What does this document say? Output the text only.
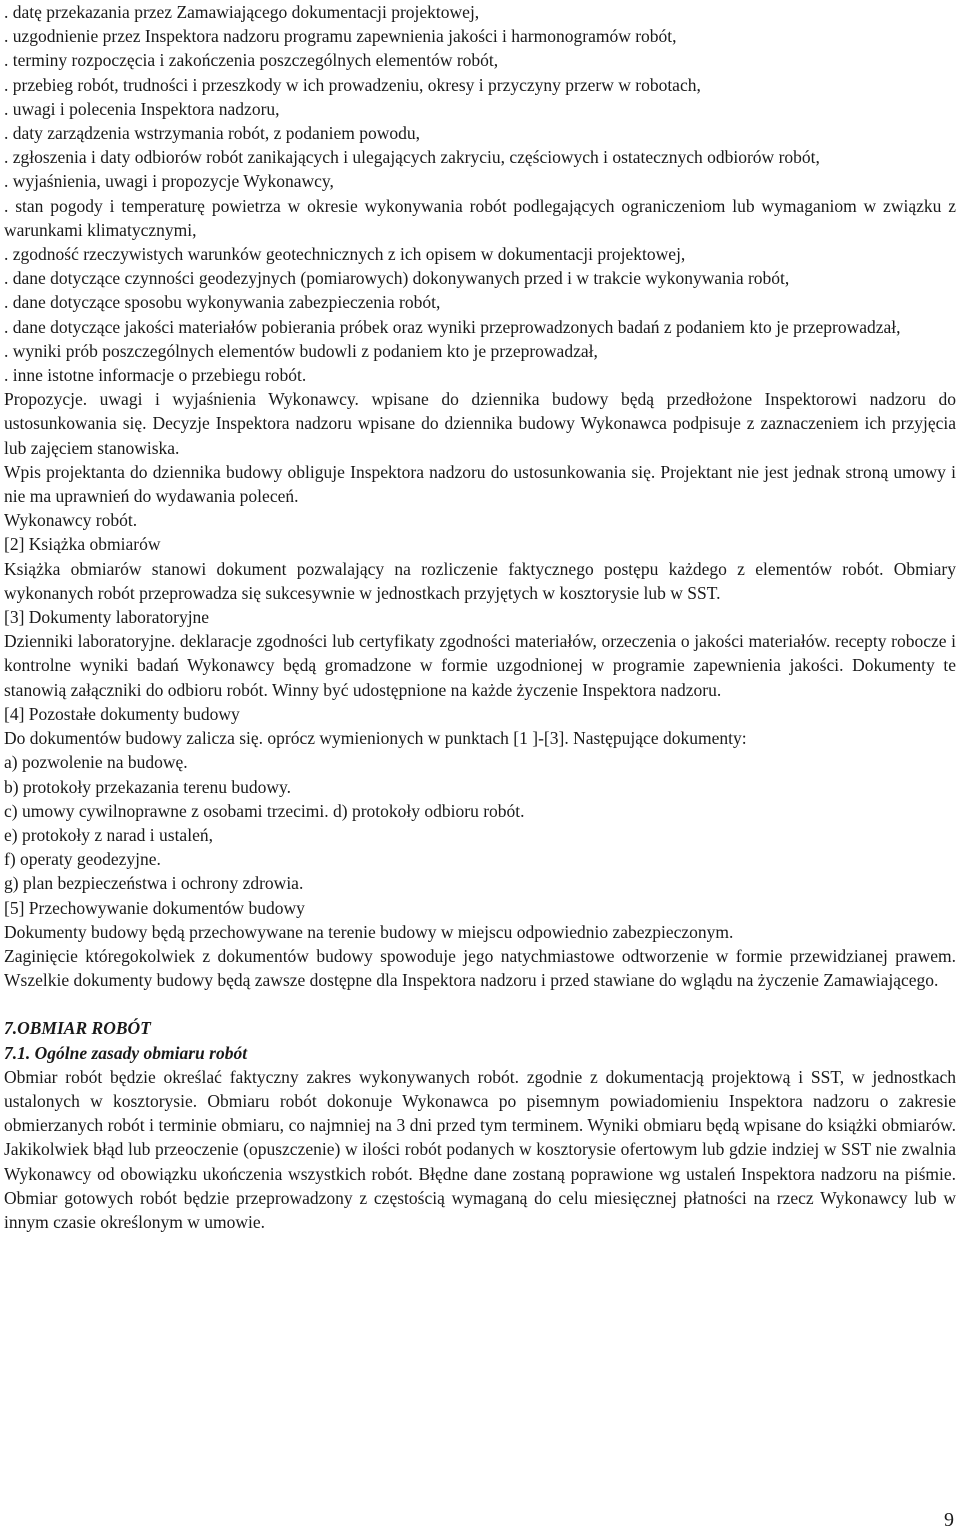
. datę przekazania przez Zamawiającego dokumentacji projektowej,

. uzgodnienie przez Inspektora nadzoru programu zapewnienia jakości i harmonogramów robót,

. terminy rozpoczęcia i zakończenia poszczególnych elementów robót,

. przebieg robót, trudności i przeszkody w ich prowadzeniu, okresy i przyczyny przerw w robotach,

. uwagi i polecenia Inspektora nadzoru,

. daty zarządzenia wstrzymania robót, z podaniem powodu,

. zgłoszenia i daty odbiorów robót zanikających i ulegających zakryciu, częściowych i ostatecznych odbiorów robót,

. wyjaśnienia, uwagi i propozycje Wykonawcy,

. stan pogody i temperaturę powietrza w okresie wykonywania robót podlegających ograniczeniom lub wymaganiom w związku z warunkami klimatycznymi,

. zgodność rzeczywistych warunków geotechnicznych z ich opisem w dokumentacji projektowej,

. dane dotyczące czynności geodezyjnych (pomiarowych) dokonywanych przed i w trakcie wykonywania robót,

. dane dotyczące sposobu wykonywania zabezpieczenia robót,

. dane dotyczące jakości materiałów pobierania próbek oraz wyniki przeprowadzonych badań z podaniem kto je przeprowadzał,

. wyniki prób poszczególnych elementów budowli z podaniem kto je przeprowadzał,

. inne istotne informacje o przebiegu robót.

Propozycje. uwagi i wyjaśnienia Wykonawcy. wpisane do dziennika budowy będą przedłożone Inspektorowi nadzoru do ustosunkowania się. Decyzje Inspektora nadzoru wpisane do dziennika budowy Wykonawca podpisuje z zaznaczeniem ich przyjęcia lub zajęciem stanowiska.

Wpis projektanta do dziennika budowy obliguje Inspektora nadzoru do ustosunkowania się. Projektant nie jest jednak stroną umowy i nie ma uprawnień do wydawania poleceń.

Wykonawcy robót.

[2] Książka obmiarów

Książka obmiarów stanowi dokument pozwalający na rozliczenie faktycznego postępu każdego z elementów robót. Obmiary wykonanych robót przeprowadza się sukcesywnie w jednostkach przyjętych w kosztorysie lub w SST.

[3] Dokumenty laboratoryjne

Dzienniki laboratoryjne. deklaracje zgodności lub certyfikaty zgodności materiałów, orzeczenia o jakości materiałów. recepty robocze i kontrolne wyniki badań Wykonawcy będą gromadzone w formie uzgodnionej w programie zapewnienia jakości. Dokumenty te stanowią załączniki do odbioru robót. Winny być udostępnione na każde życzenie Inspektora nadzoru.

[4] Pozostałe dokumenty budowy

Do dokumentów budowy zalicza się. oprócz wymienionych w punktach [1 ]-[3]. Następujące dokumenty:

a) pozwolenie na budowę.

b) protokoły przekazania terenu budowy.

c) umowy cywilnoprawne z osobami trzecimi. d) protokoły odbioru robót.

e) protokoły z narad i ustaleń,

f) operaty geodezyjne.

g) plan bezpieczeństwa i ochrony zdrowia.

[5] Przechowywanie dokumentów budowy

Dokumenty budowy będą przechowywane na terenie budowy w miejscu odpowiednio zabezpieczonym.

Zaginięcie któregokolwiek z dokumentów budowy spowoduje jego natychmiastowe odtworzenie w formie przewidzianej prawem. Wszelkie dokumenty budowy będą zawsze dostępne dla Inspektora nadzoru i przed stawiane do wglądu na życzenie Zamawiającego.

7.OBMIAR ROBÓT

7.1. Ogólne zasady obmiaru robót

Obmiar robót będzie określać faktyczny zakres wykonywanych robót. zgodnie z dokumentacją projektową i SST, w jednostkach ustalonych w kosztorysie. Obmiaru robót dokonuje Wykonawca po pisemnym powiadomieniu Inspektora nadzoru o zakresie obmierzanych robót i terminie obmiaru, co najmniej na 3 dni przed tym terminem. Wyniki obmiaru będą wpisane do książki obmiarów. Jakikolwiek błąd lub przeoczenie (opuszczenie) w ilości robót podanych w kosztorysie ofertowym lub gdzie indziej w SST nie zwalnia Wykonawcy od obowiązku ukończenia wszystkich robót. Błędne dane zostaną poprawione wg ustaleń Inspektora nadzoru na piśmie. Obmiar gotowych robót będzie przeprowadzony z częstością wymaganą do celu miesięcznej płatności na rzecz Wykonawcy lub w innym czasie określonym w umowie.

9
